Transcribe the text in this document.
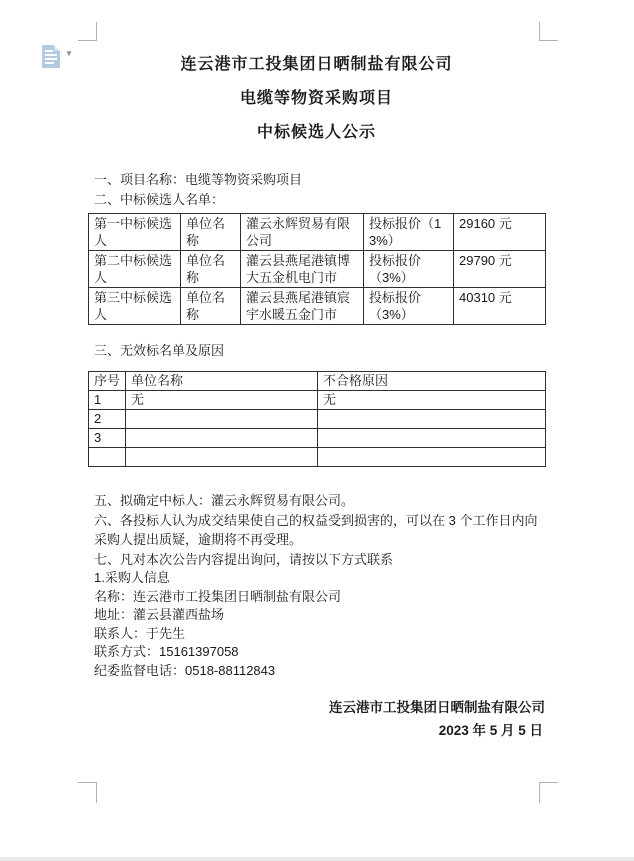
▼
连云港市工投集团日晒制盐有限公司
电缆等物资采购项目
中标候选人公示

一、项目名称：电缆等物资采购项目

二、中标候选人名单：

第一中标候选人	单位名称	灌云永辉贸易有限公司	投标报价（13%）	29160 元
第二中标候选人	单位名称	灌云县燕尾港镇博大五金机电门市	投标报价（3%）	29790 元
第三中标候选人	单位名称	灌云县燕尾港镇宸宇水暖五金门市	投标报价（3%）	40310 元

三、无效标名单及原因

序号	单位名称	不合格原因
1	无	无
2		
3		

五、拟确定中标人：灌云永辉贸易有限公司。
六、各投标人认为成交结果使自己的权益受到损害的，可以在 3 个工作日内向采购人提出质疑，逾期将不再受理。
七、凡对本次公告内容提出询问，请按以下方式联系
1.采购人信息
名称：连云港市工投集团日晒制盐有限公司
地址：灌云县灌西盐场
联系人：于先生
联系方式：15161397058
纪委监督电话：0518-88112843
连云港市工投集团日晒制盐有限公司
2023 年 5 月 5 日
